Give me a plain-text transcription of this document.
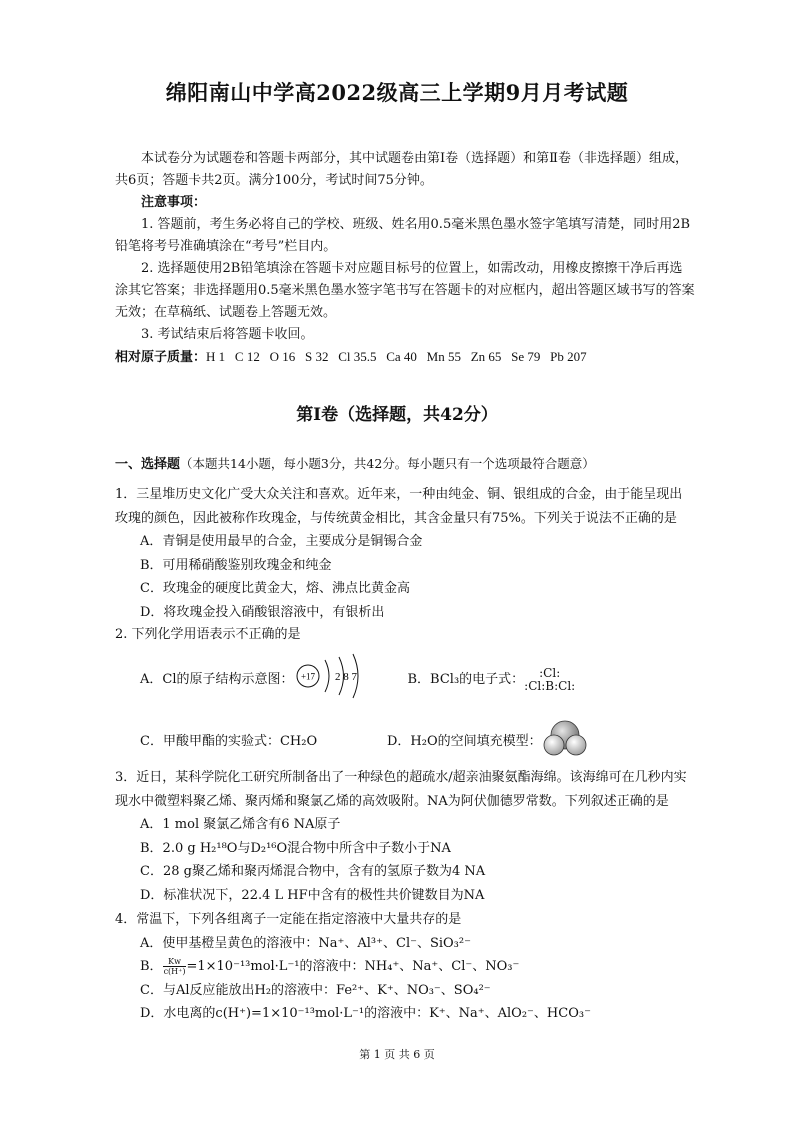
绵阳南山中学高2022级高三上学期9月月考试题

本试卷分为试题卷和答题卡两部分，其中试题卷由第Ⅰ卷（选择题）和第Ⅱ卷（非选择题）组成，共6页；答题卡共2页。满分100分，考试时间75分钟。

注意事项：

1. 答题前，考生务必将自己的学校、班级、姓名用0.5毫米黑色墨水签字笔填写清楚，同时用2B铅笔将考号准确填涂在“考号”栏目内。

2. 选择题使用2B铅笔填涂在答题卡对应题目标号的位置上，如需改动，用橡皮擦擦干净后再选涂其它答案；非选择题用0.5毫米黑色墨水签字笔书写在答题卡的对应框内，超出答题区域书写的答案无效；在草稿纸、试题卷上答题无效。

3. 考试结束后将答题卡收回。

相对原子质量：H 1   C 12   O 16   S 32   Cl 35.5   Ca 40   Mn 55   Zn 65   Se 79   Pb 207

第Ⅰ卷（选择题，共42分）

一、选择题（本题共14小题，每小题3分，共42分。每小题只有一个选项最符合题意）

1．三星堆历史文化广受大众关注和喜欢。近年来，一种由纯金、铜、银组成的合金，由于能呈现出玫瑰的颜色，因此被称作玫瑰金，与传统黄金相比，其含金量只有75%。下列关于说法不正确的是

A．青铜是使用最早的合金，主要成分是铜锡合金

B．可用稀硝酸鉴别玫瑰金和纯金

C．玫瑰金的硬度比黄金大，熔、沸点比黄金高

D．将玫瑰金投入硝酸银溶液中，有银析出

2. 下列化学用语表示不正确的是

A．Cl的原子结构示意图： +17 2 8 7	B．BCl₃的电子式：	:Cl:
:Cl:B:Cl:
C．甲酸甲酯的实验式：CH₂O	D．H₂O的空间填充模型：

3．近日，某科学院化工研究所制备出了一种绿色的超疏水/超亲油聚氨酯海绵。该海绵可在几秒内实现水中微塑料聚乙烯、聚丙烯和聚氯乙烯的高效吸附。NA为阿伏伽德罗常数。下列叙述正确的是

A．1 mol 聚氯乙烯含有6 NA原子

B．2.0 g H₂¹⁸O与D₂¹⁶O混合物中所含中子数小于NA

C．28 g聚乙烯和聚丙烯混合物中，含有的氢原子数为4 NA

D．标准状况下，22.4 L HF中含有的极性共价键数目为NA

4．常温下，下列各组离子一定能在指定溶液中大量共存的是

A．使甲基橙呈黄色的溶液中：Na⁺、Al³⁺、Cl⁻、SiO₃²⁻

B． $\frac{Kw}{c(H^+)} =1\times 10^{-13}mol\cdot L^{-1}$的溶液中：NH₄⁺、Na⁺、Cl⁻、NO₃⁻

C．与Al反应能放出H₂的溶液中：Fe²⁺、K⁺、NO₃⁻、SO₄²⁻

D．水电离的c(H⁺)=1×10⁻¹³mol·L⁻¹的溶液中：K⁺、Na⁺、AlO₂⁻、HCO₃⁻

第 1 页 共 6 页
